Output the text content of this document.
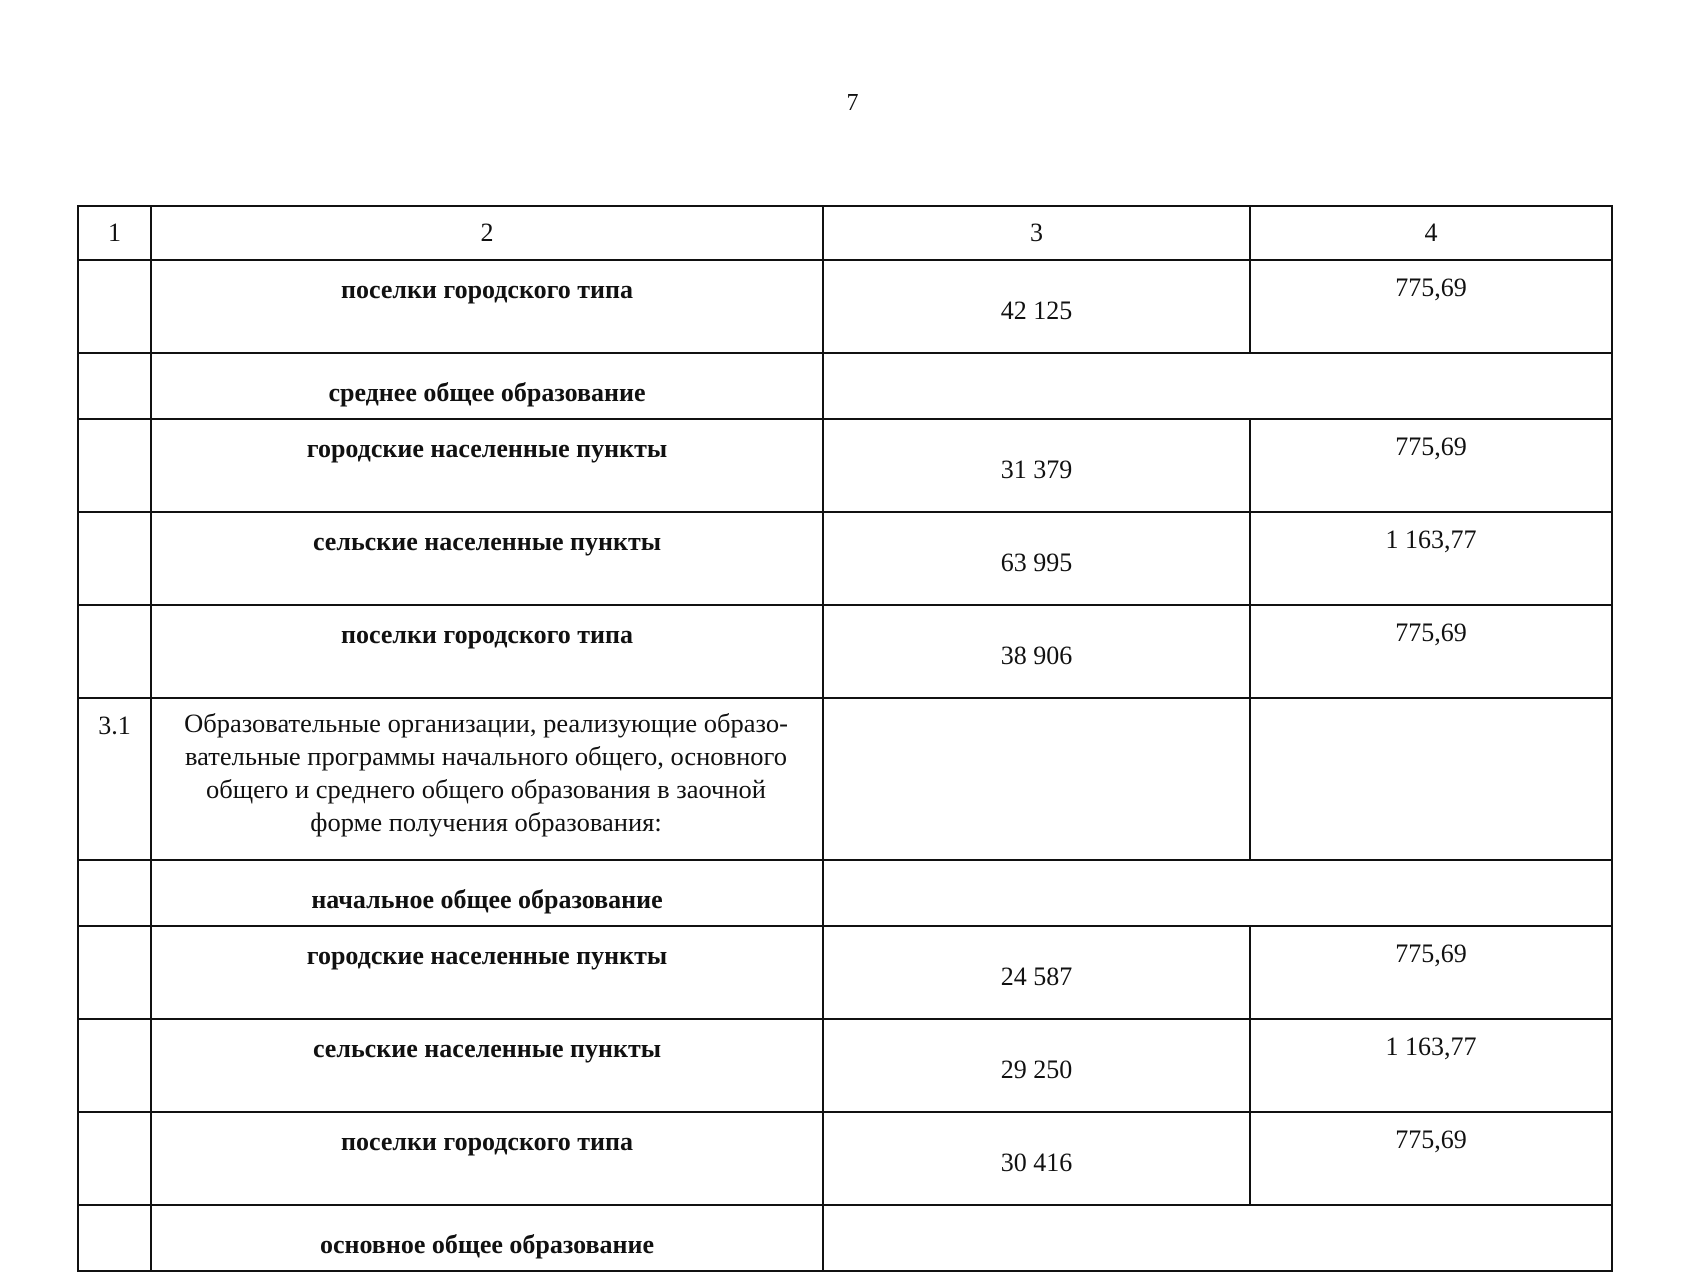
7
1	2	3	4
	поселки городского типа	42 125	775,69
	среднее общее образование		
	городские населенные пункты	31 379	775,69
	сельские населенные пункты	63 995	1 163,77
	поселки городского типа	38 906	775,69
3.1	Образовательные организации, реализующие образо-
вательные программы начального общего, основного
общего и среднего общего образования в заочной
форме получения образования:		
	начальное общее образование		
	городские населенные пункты	24 587	775,69
	сельские населенные пункты	29 250	1 163,77
	поселки городского типа	30 416	775,69
	основное общее образование		
